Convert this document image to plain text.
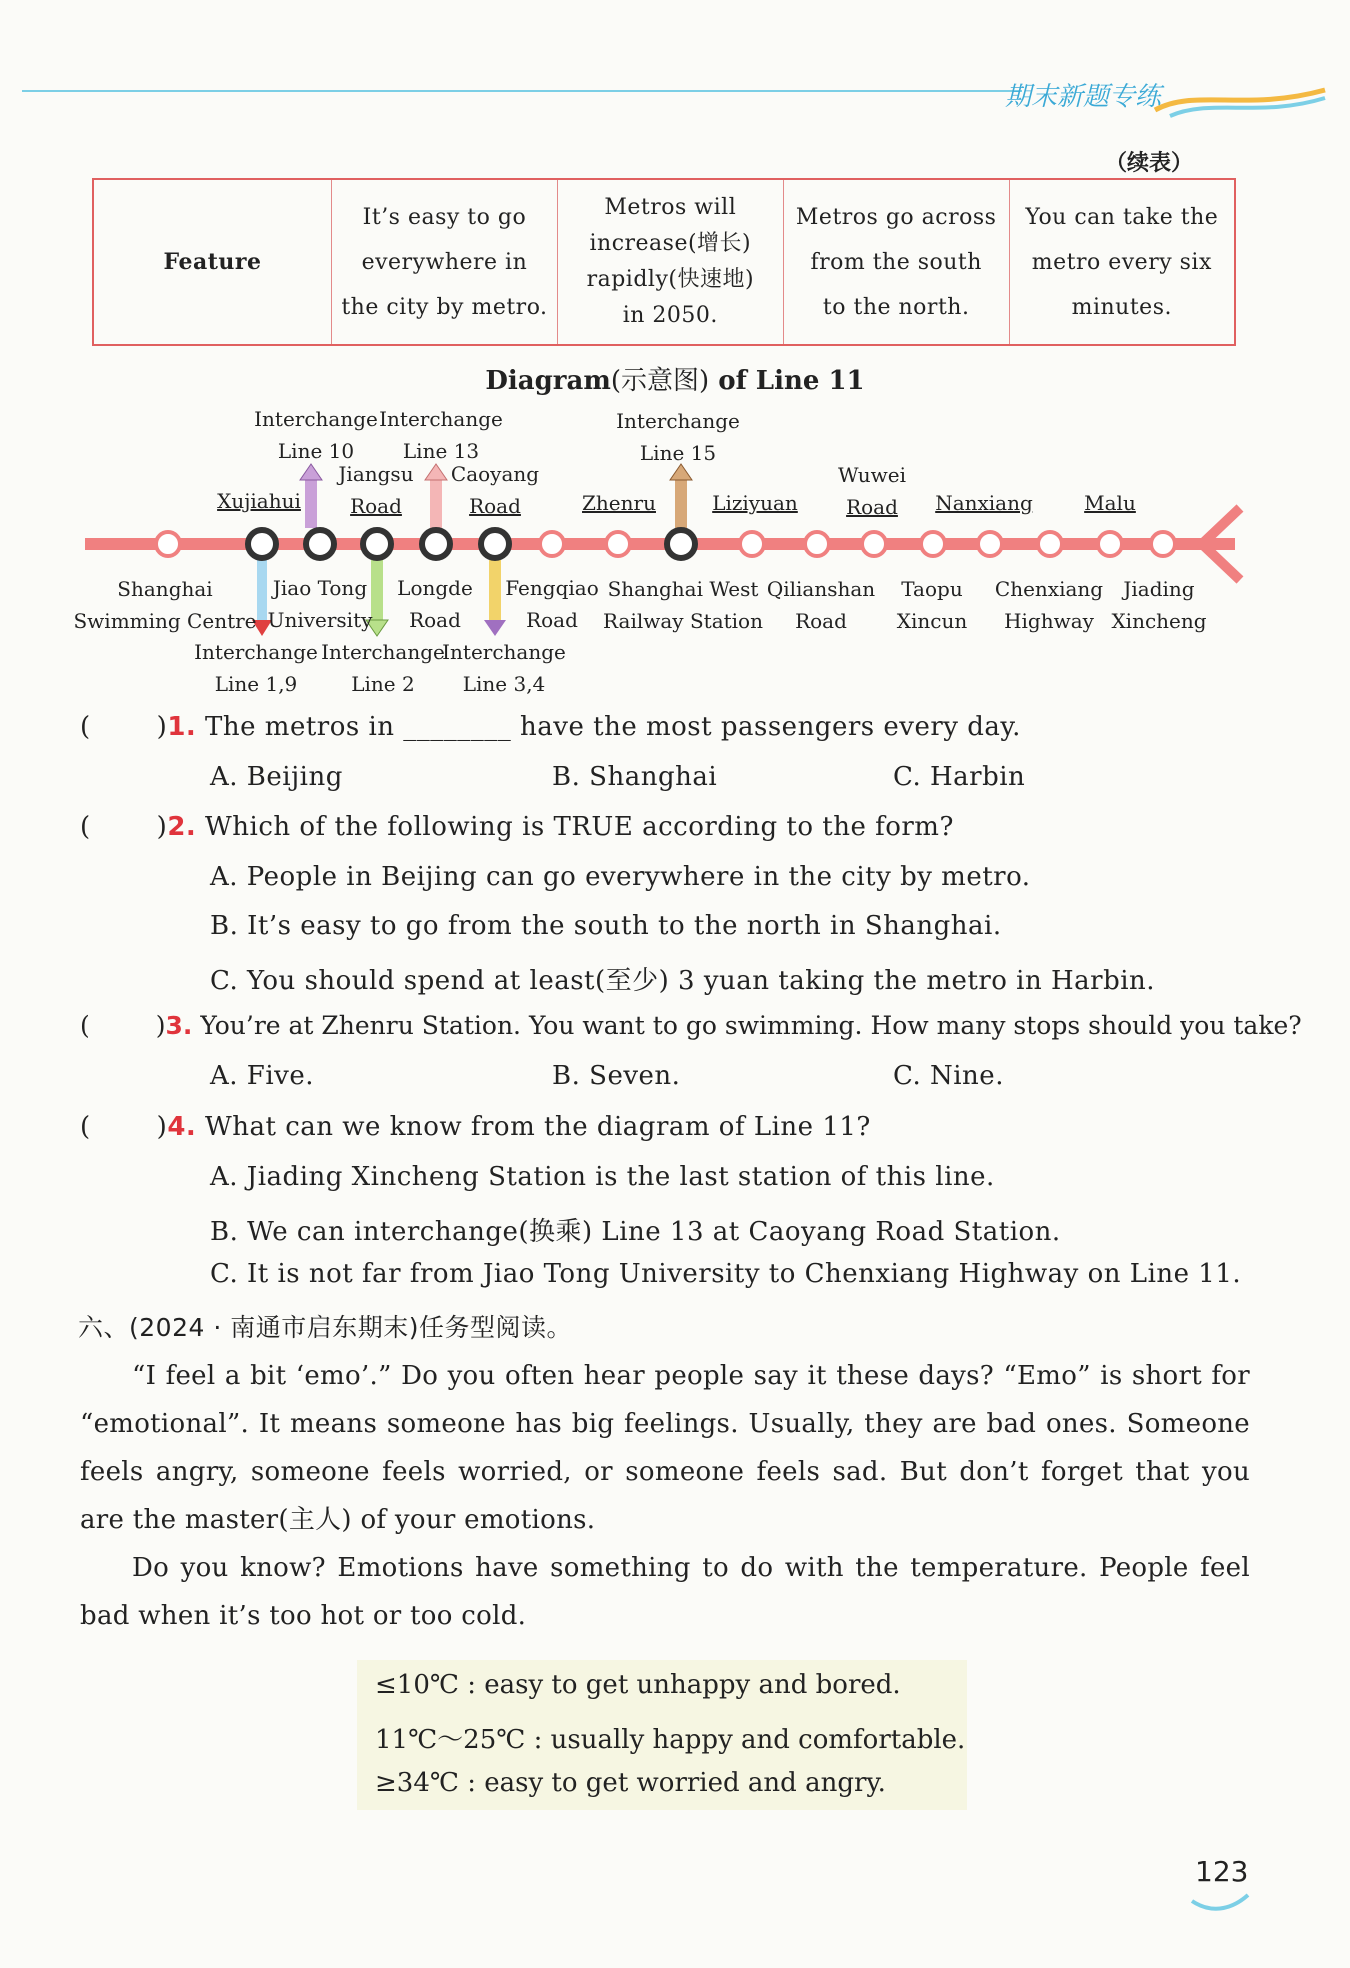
期末新题专练
（续表）
Feature	
It’s easy to go
everywhere in
the city by metro.

Metros will
increase(增长)
rapidly(快速地)
in 2050.

Metros go across
from the south
to the north.

You can take the
metro every six
minutes.
Diagram(示意图) of Line 11
Interchange
Line 10
Interchange
Line 13
Interchange
Line 15
Jiangsu
Road
Caoyang
Road
Xujiahui	Zhenru	Liziyuan
Wuwei
Road	Nanxiang	Malu
Shanghai
Swimming Centre
Jiao Tong
University
Longde
Road
Fengqiao
Road
Shanghai West
Railway Station
Qilianshan
Road
Taopu
Xincun
Chenxiang
Highway
Jiading
Xincheng
Interchange
Line 1,9
Interchange
Line 2
Interchange
Line 3,4
(	)1. The metros in ________ have the most passengers every day.
A. Beijing	B. Shanghai	C. Harbin
(	)2. Which of the following is TRUE according to the form?
A. People in Beijing can go everywhere in the city by metro.
B. It’s easy to go from the south to the north in Shanghai.
C. You should spend at least(至少) 3 yuan taking the metro in Harbin.
(	)3. You’re at Zhenru Station. You want to go swimming. How many stops should you take?
A. Five.	B. Seven.	C. Nine.
(	)4. What can we know from the diagram of Line 11?
A. Jiading Xincheng Station is the last station of this line.
B. We can interchange(换乘) Line 13 at Caoyang Road Station.
C. It is not far from Jiao Tong University to Chenxiang Highway on Line 11.
六、(2024 · 南通市启东期末)任务型阅读。
“I feel a bit ‘emo’.” Do you often hear people say it these days? “Emo” is short for “emotional”. It means someone has big feelings. Usually, they are bad ones. Someone feels angry, someone feels worried, or someone feels sad. But don’t forget that you are the master(主人) of your emotions.
Do you know? Emotions have something to do with the temperature. People feel bad when it’s too hot or too cold.
≤10℃ : easy to get unhappy and bored.
11℃～25℃ : usually happy and comfortable.
≥34℃ : easy to get worried and angry.
123
